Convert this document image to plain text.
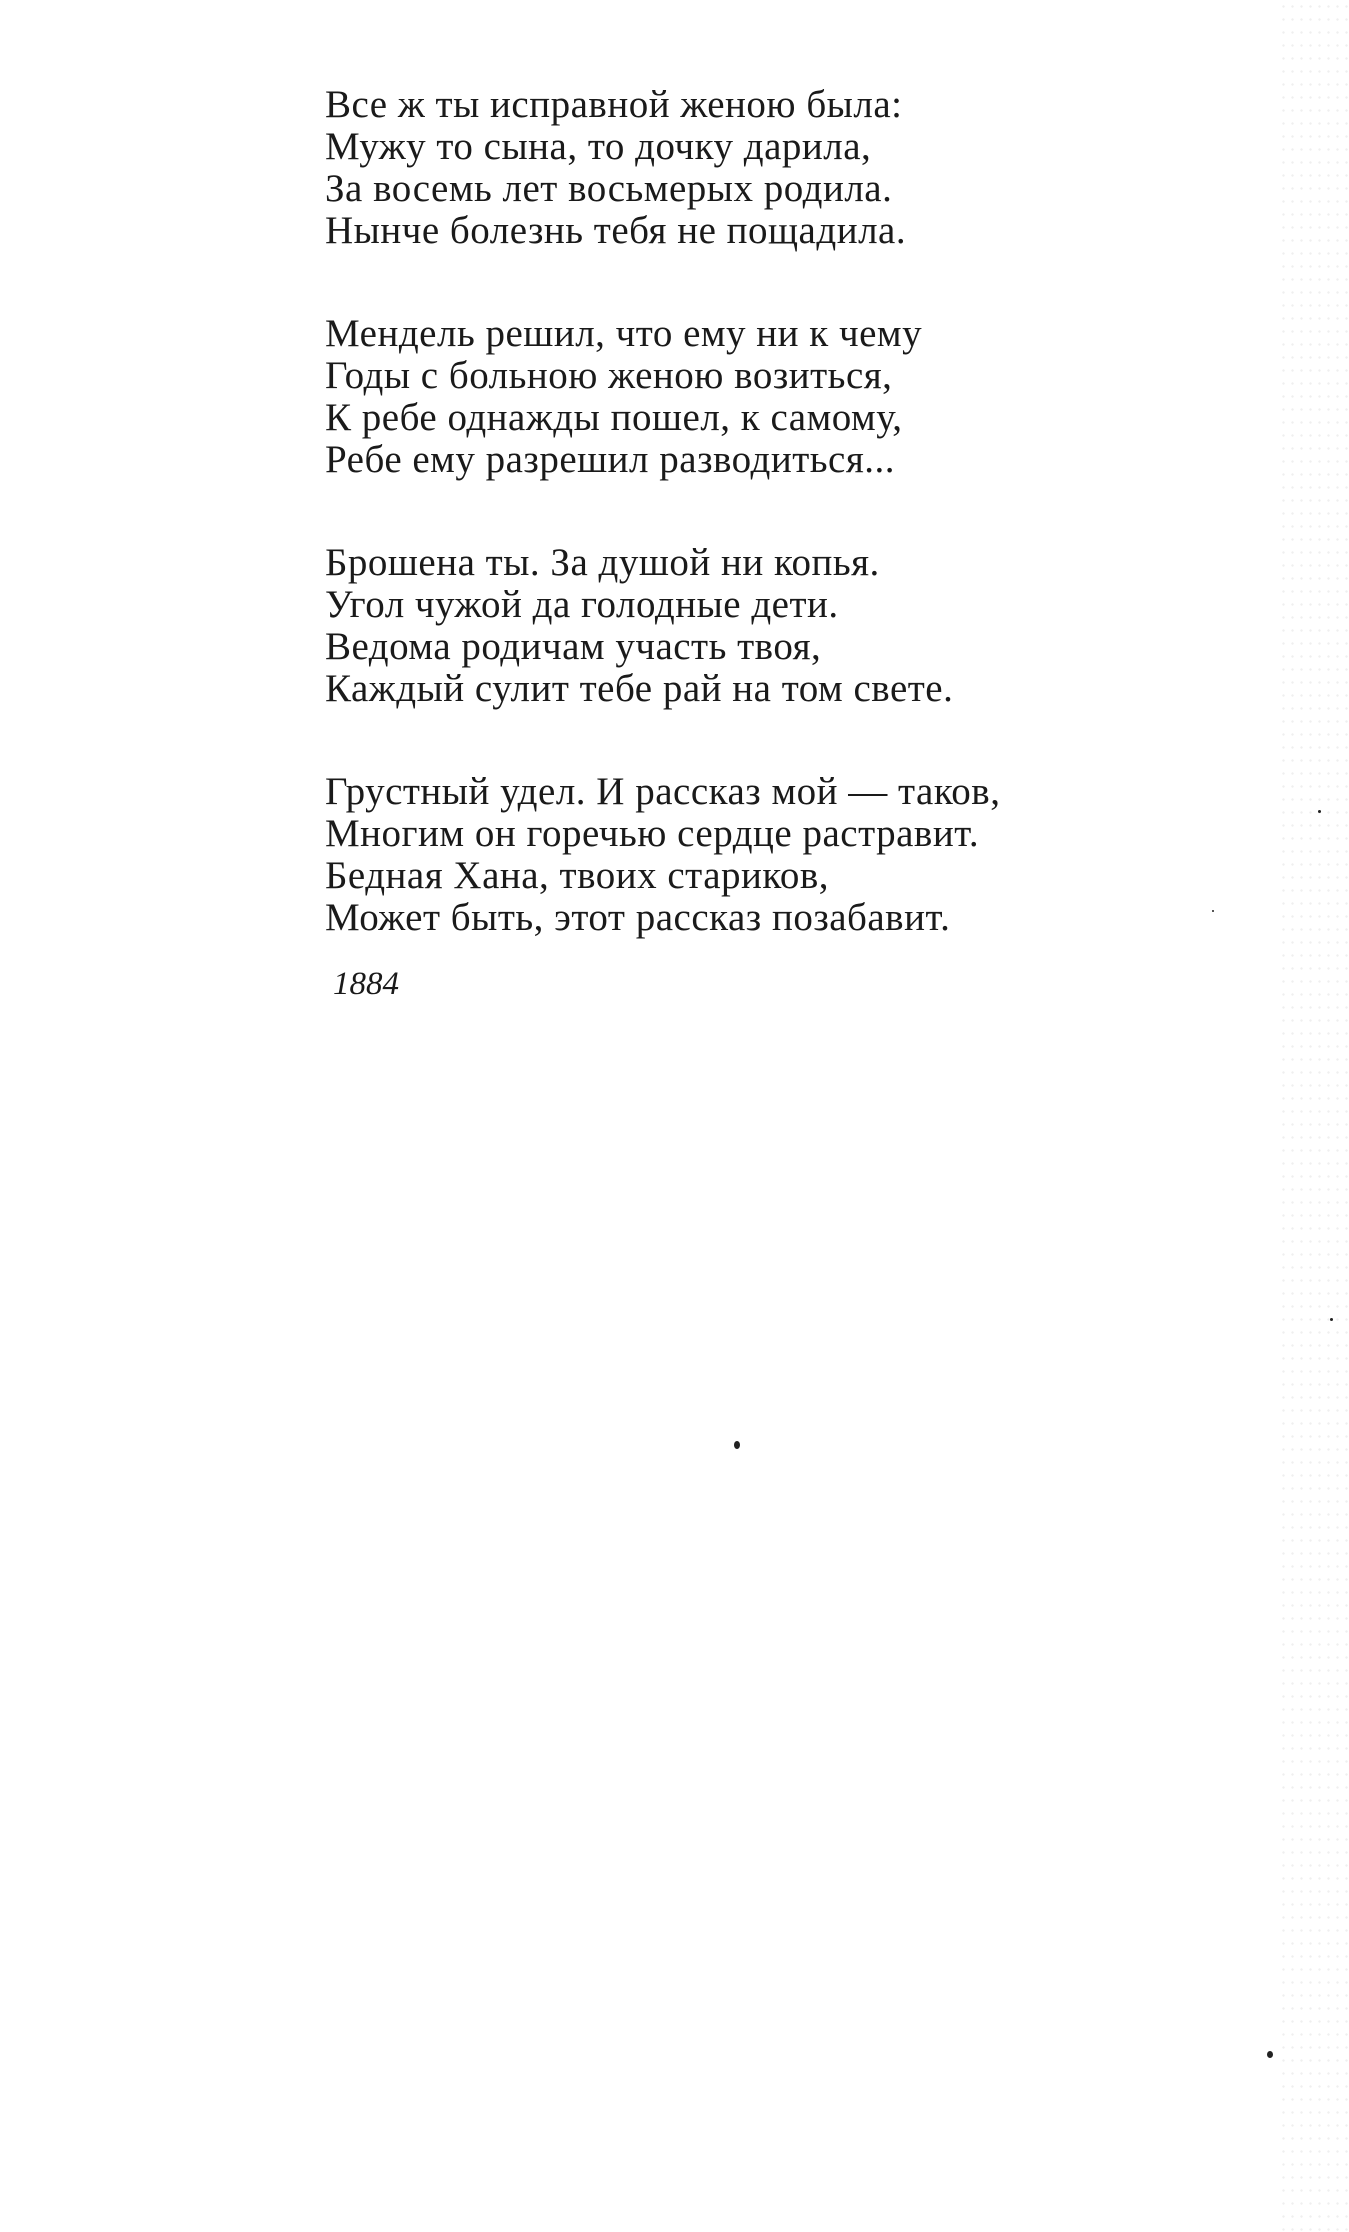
Все ж ты исправной женою была:
Мужу то сына, то дочку дарила,
За восемь лет восьмерых родила.
Нынче болезнь тебя не пощадила.
Мендель решил, что ему ни к чему
Годы с больною женою возиться,
К ребе однажды пошел, к самому,
Ребе ему разрешил разводиться...
Брошена ты. За душой ни копья.
Угол чужой да голодные дети.
Ведома родичам участь твоя,
Каждый сулит тебе рай на том свете.
Грустный удел. И рассказ мой — таков,
Многим он горечью сердце растравит.
Бедная Хана, твоих стариков,
Может быть, этот рассказ позабавит.
1884
